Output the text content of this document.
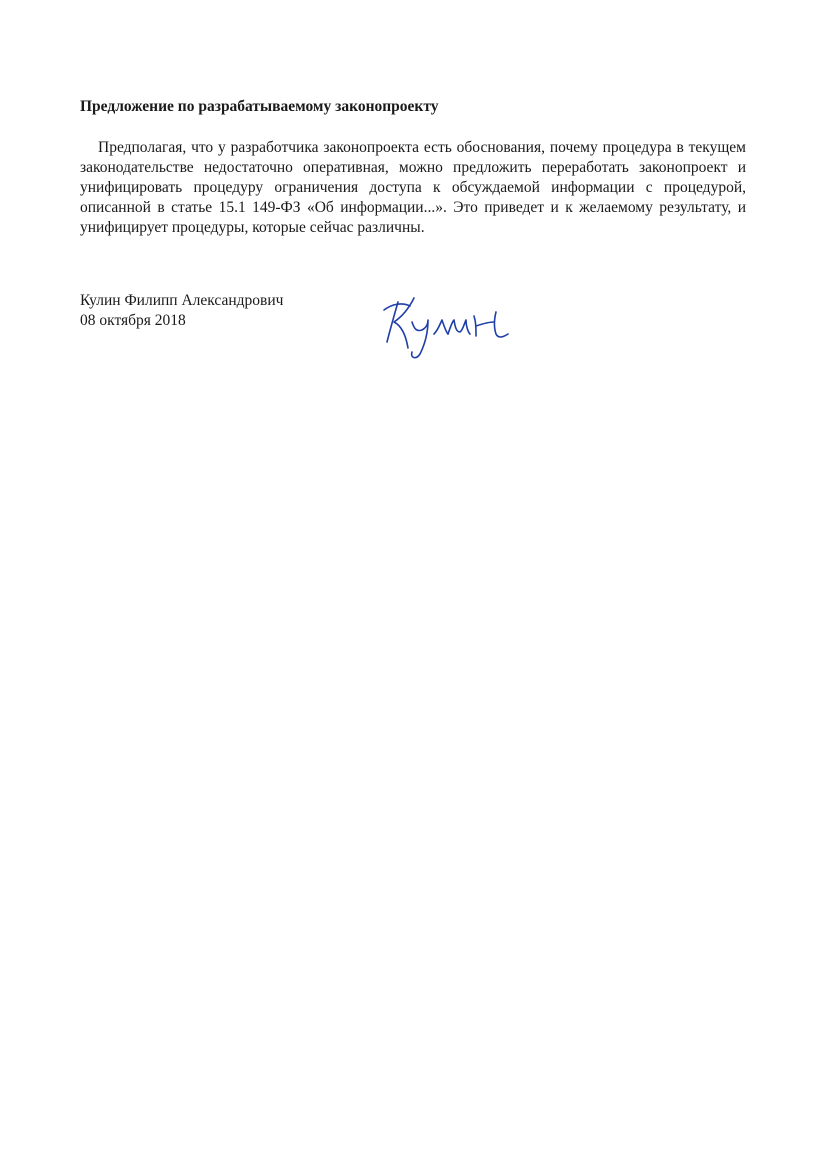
Предложение по разрабатываемому законопроекту

Предполагая, что у разработчика законопроекта есть обоснования, почему процедура в текущем законодательстве недостаточно оперативная, можно предложить переработать законопроект и унифицировать процедуру ограничения доступа к обсуждаемой информации с процедурой, описанной в статье 15.1 149-ФЗ «Об информации...». Это приведет и к желаемому результату, и унифицирует процедуры, которые сейчас различны.

Кулин Филипп Александрович
08 октября 2018
